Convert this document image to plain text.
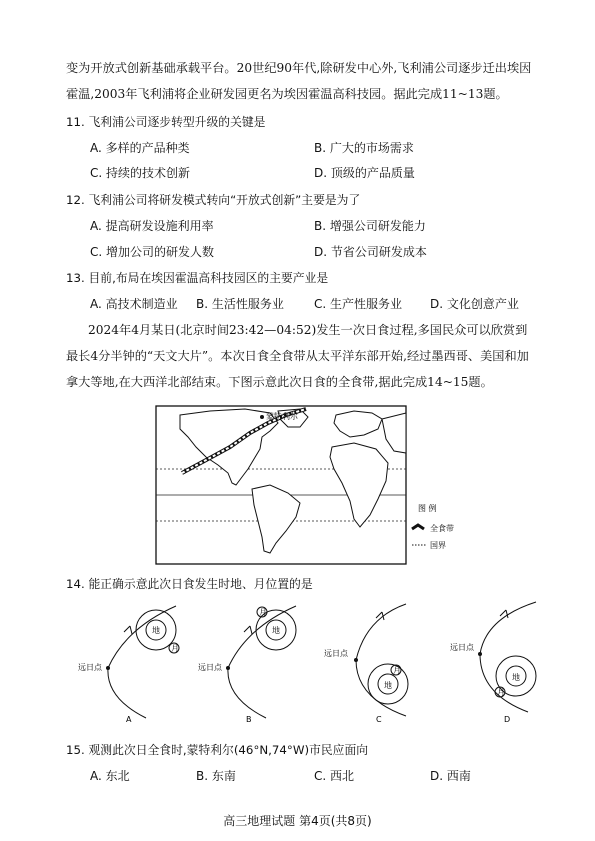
变为开放式创新基础承载平台。20世纪90年代,除研发中心外,飞利浦公司逐步迁出埃因
霍温,2003年飞利浦将企业研发园更名为埃因霍温高科技园。据此完成11~13题。
11. 飞利浦公司逐步转型升级的关键是
A. 多样的产品种类	B. 广大的市场需求
C. 持续的技术创新	D. 顶级的产品质量
12. 飞利浦公司将研发模式转向“开放式创新”主要是为了
A. 提高研发设施利用率	B. 增强公司研发能力
C. 增加公司的研发人数	D. 节省公司研发成本
13. 目前,布局在埃因霍温高科技园区的主要产业是
A. 高技术制造业 B. 生活性服务业	C. 生产性服务业 D. 文化创意产业
2024年4月某日(北京时间23:42—04:52)发生一次日食过程,多国民众可以欣赏到
最长4分半钟的“天文大片”。本次日食全食带从太平洋东部开始,经过墨西哥、美国和加
拿大等地,在大西洋北部结束。下图示意此次日食的全食带,据此完成14~15题。
蒙特利尔
图 例
全食带
国界
14. 能正确示意此次日食发生时地、月位置的是
地
月
远日点
A
地
月
远日点
B
地
月
远日点
C
地
月
远日点
D
15. 观测此次日全食时,蒙特利尔(46°N,74°W)市民应面向
A. 东北	B. 东南	C. 西北	D. 西南
高三地理试题 第4页(共8页)
